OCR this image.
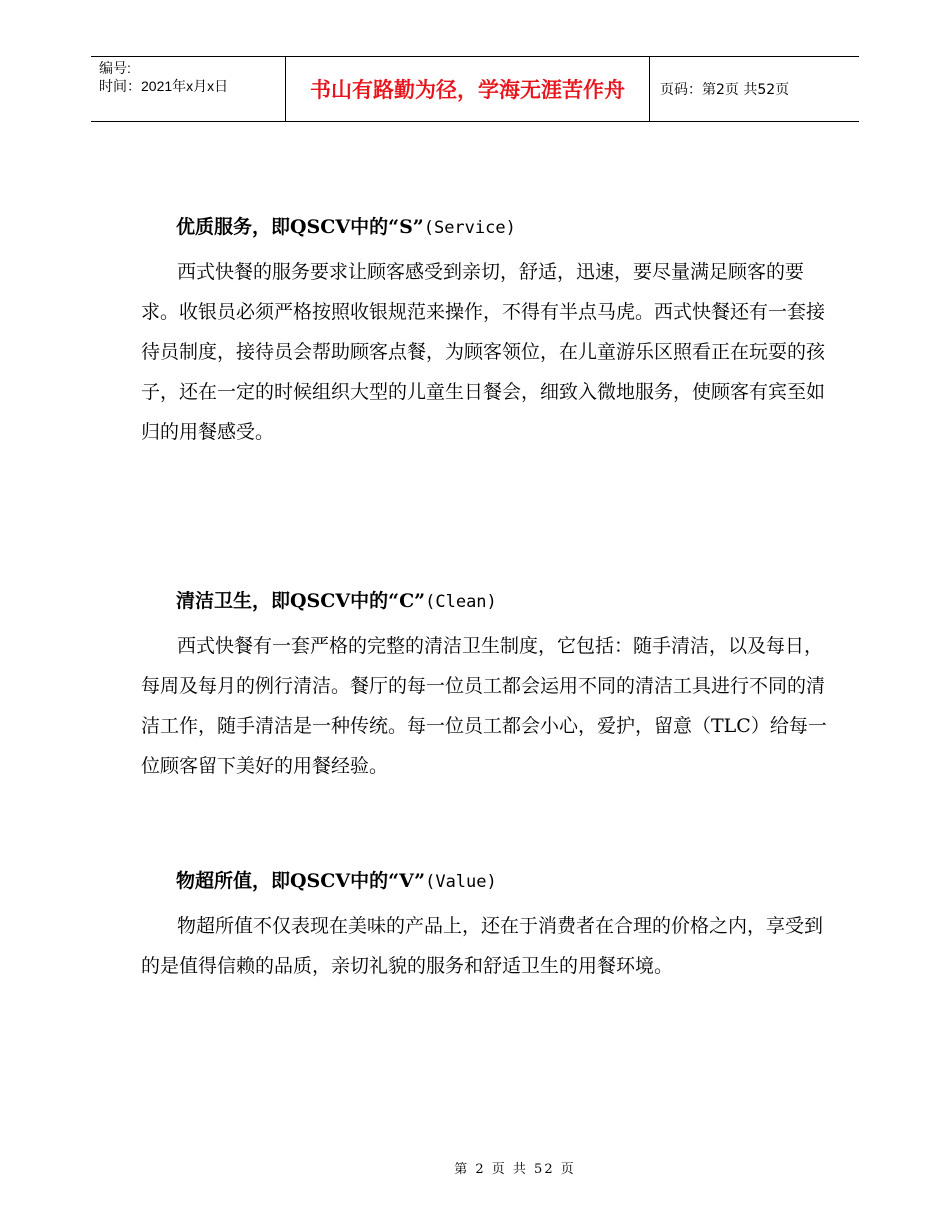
编号:
时间：2021年x月x日	书山有路勤为径，学海无涯苦作舟	页码：第2页 共52页
优质服务，即QSCV中的“S”(Service)
西式快餐的服务要求让顾客感受到亲切，舒适，迅速，要尽量满足顾客的要求。收银员必须严格按照收银规范来操作，不得有半点马虎。西式快餐还有一套接待员制度，接待员会帮助顾客点餐，为顾客领位，在儿童游乐区照看正在玩耍的孩子，还在一定的时候组织大型的儿童生日餐会，细致入微地服务，使顾客有宾至如归的用餐感受。
清洁卫生，即QSCV中的“C”(Clean)
西式快餐有一套严格的完整的清洁卫生制度，它包括：随手清洁，以及每日，每周及每月的例行清洁。餐厅的每一位员工都会运用不同的清洁工具进行不同的清洁工作，随手清洁是一种传统。每一位员工都会小心，爱护，留意（TLC）给每一位顾客留下美好的用餐经验。
物超所值，即QSCV中的“V”(Value)
物超所值不仅表现在美味的产品上，还在于消费者在合理的价格之内，享受到的是值得信赖的品质，亲切礼貌的服务和舒适卫生的用餐环境。
第 2 页 共 52 页
